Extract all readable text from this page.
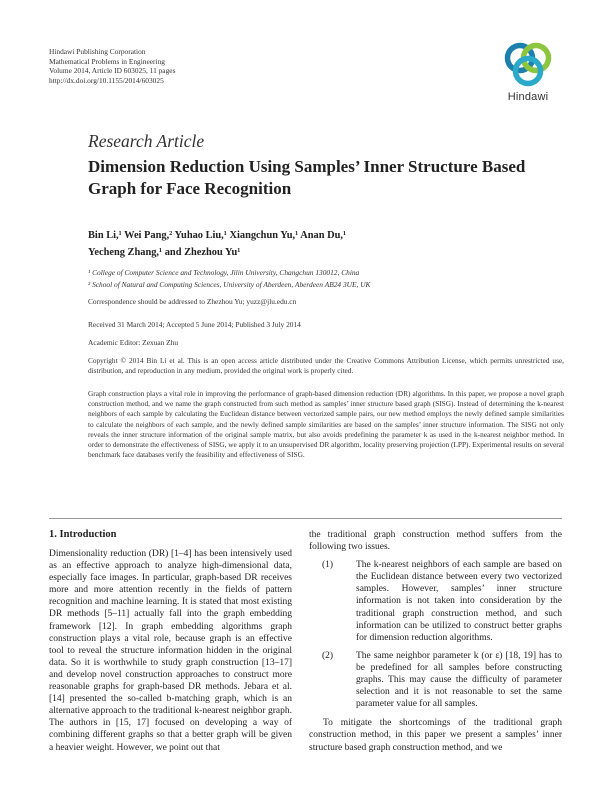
Hindawi Publishing Corporation
Mathematical Problems in Engineering
Volume 2014, Article ID 603025, 11 pages
http://dx.doi.org/10.1155/2014/603025
Hindawi
Research Article
Dimension Reduction Using Samples’ Inner Structure Based
Graph for Face Recognition
Bin Li,¹ Wei Pang,² Yuhao Liu,¹ Xiangchun Yu,¹ Anan Du,¹
Yecheng Zhang,¹ and Zhezhou Yu¹
¹ College of Computer Science and Technology, Jilin University, Changchun 130012, China
² School of Natural and Computing Sciences, University of Aberdeen, Aberdeen AB24 3UE, UK
Correspondence should be addressed to Zhezhou Yu; yuzz@jlu.edu.cn
Received 31 March 2014; Accepted 5 June 2014; Published 3 July 2014
Academic Editor: Zexuan Zhu
Copyright © 2014 Bin Li et al. This is an open access article distributed under the Creative Commons Attribution License, which permits unrestricted use, distribution, and reproduction in any medium, provided the original work is properly cited.
Graph construction plays a vital role in improving the performance of graph-based dimension reduction (DR) algorithms. In this paper, we propose a novel graph construction method, and we name the graph constructed from such method as samples’ inner structure based graph (SISG). Instead of determining the k-nearest neighbors of each sample by calculating the Euclidean distance between vectorized sample pairs, our new method employs the newly defined sample similarities to calculate the neighbors of each sample, and the newly defined sample similarities are based on the samples’ inner structure information. The SISG not only reveals the inner structure information of the original sample matrix, but also avoids predefining the parameter k as used in the k-nearest neighbor method. In order to demonstrate the effectiveness of SISG, we apply it to an unsupervised DR algorithm, locality preserving projection (LPP). Experimental results on several benchmark face databases verify the feasibility and effectiveness of SISG.
1. Introduction
Dimensionality reduction (DR) [1–4] has been intensively used as an effective approach to analyze high-dimensional data, especially face images. In particular, graph-based DR receives more and more attention recently in the fields of pattern recognition and machine learning. It is stated that most existing DR methods [5–11] actually fall into the graph embedding framework [12]. In graph embedding algorithms graph construction plays a vital role, because graph is an effective tool to reveal the structure information hidden in the original data. So it is worthwhile to study graph construction [13–17] and develop novel construction approaches to construct more reasonable graphs for graph-based DR methods. Jebara et al. [14] presented the so-called b-matching graph, which is an alternative approach to the traditional k-nearest neighbor graph. The authors in [15, 17] focused on developing a way of combining different graphs so that a better graph will be given a heavier weight. However, we point out that

the traditional graph construction method suffers from the following two issues.

(1) The k-nearest neighbors of each sample are based on the Euclidean distance between every two vectorized samples. However, samples’ inner structure information is not taken into consideration by the traditional graph construction method, and such information can be utilized to construct better graphs for dimension reduction algorithms.
(2) The same neighbor parameter k (or ε) [18, 19] has to be predefined for all samples before constructing graphs. This may cause the difficulty of parameter selection and it is not reasonable to set the same parameter value for all samples.

To mitigate the shortcomings of the traditional graph construction method, in this paper we present a samples’ inner structure based graph construction method, and we
